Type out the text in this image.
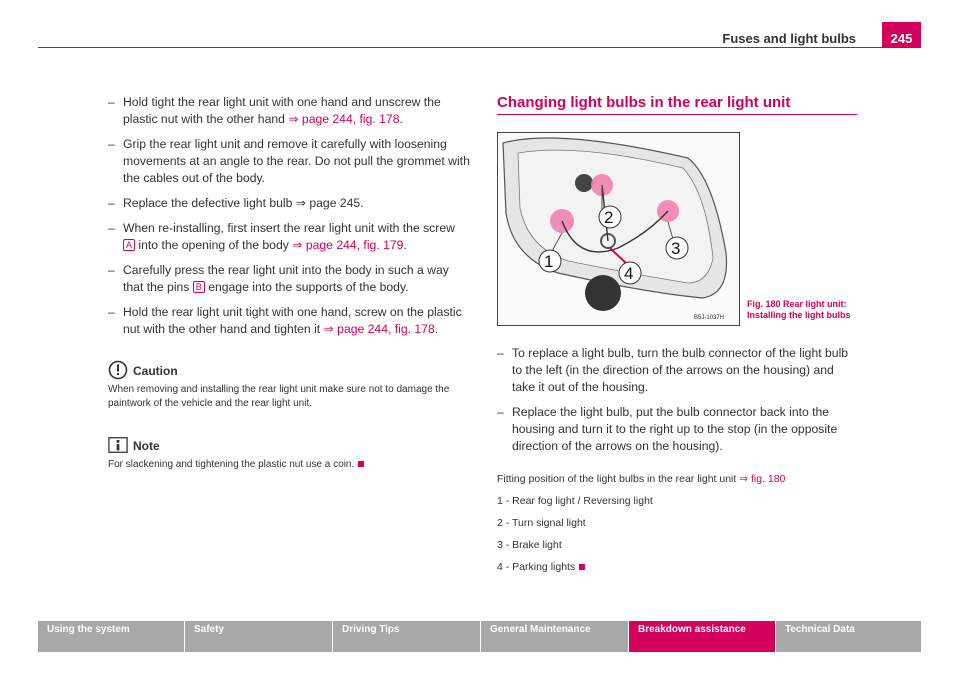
Fuses and light bulbs	245
– Hold tight the rear light unit with one hand and unscrew the plastic nut with the other hand ⇒ page 244, fig. 178.
– Grip the rear light unit and remove it carefully with loosening movements at an angle to the rear. Do not pull the grommet with the cables out of the body.
– Replace the defective light bulb ⇒ page 245.
– When re-installing, first insert the rear light unit with the screw A into the opening of the body ⇒ page 244, fig. 179.
– Carefully press the rear light unit into the body in such a way that the pins B engage into the supports of the body.
– Hold the rear light unit tight with one hand, screw on the plastic nut with the other hand and tighten it ⇒ page 244, fig. 178.
Caution
When removing and installing the rear light unit make sure not to damage the paintwork of the vehicle and the rear light unit.
Note
For slackening and tightening the plastic nut use a coin.
Changing light bulbs in the rear light unit
2
1
3
4
B5J-1037H
Fig. 180 Rear light unit:
Installing the light bulbs
– To replace a light bulb, turn the bulb connector of the light bulb to the left (in the direction of the arrows on the housing) and take it out of the housing.
– Replace the light bulb, put the bulb connector back into the housing and turn it to the right up to the stop (in the opposite direction of the arrows on the housing).
Fitting position of the light bulbs in the rear light unit ⇒ fig. 180
1 - Rear fog light / Reversing light
2 - Turn signal light
3 - Brake light
4 - Parking lights
Using the system	Safety	Driving Tips	General Maintenance	Breakdown assistance	Technical Data
